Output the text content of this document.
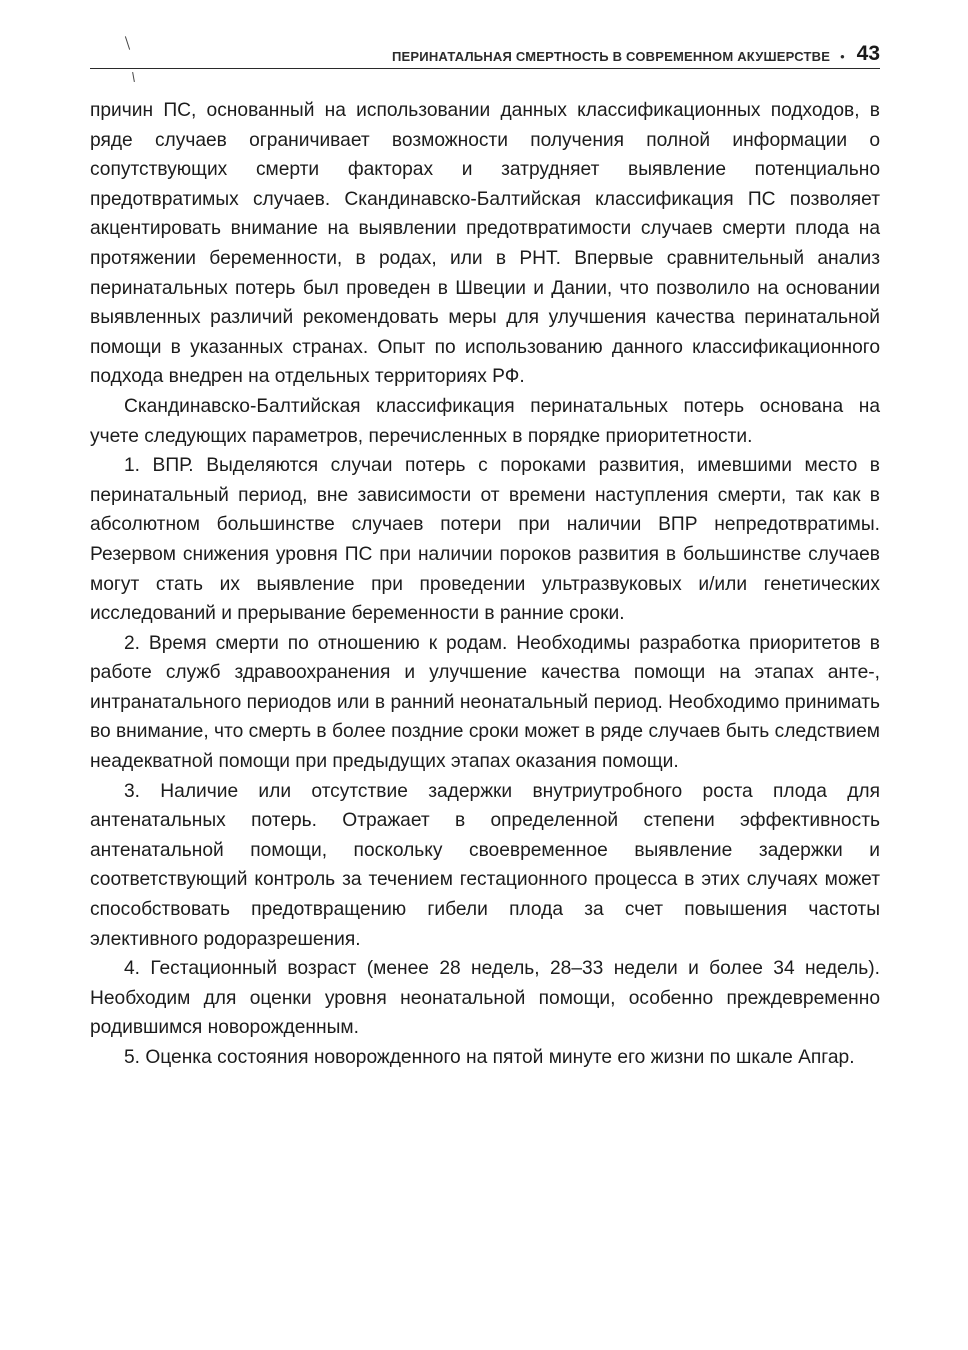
ПЕРИНАТАЛЬНАЯ СМЕРТНОСТЬ В СОВРЕМЕННОМ АКУШЕРСТВЕ • 43

причин ПС, основанный на использовании данных классификационных подходов, в ряде случаев ограничивает возможности получения полной информации о сопутствующих смерти факторах и затрудняет выявление потенциально предотвратимых случаев. Скандинавско-Балтийская классификация ПС позволяет акцентировать внимание на выявлении предотвратимости случаев смерти плода на протяжении беременности, в родах, или в РНТ. Впервые сравнительный анализ перинатальных потерь был проведен в Швеции и Дании, что позволило на основании выявленных различий рекомендовать меры для улучшения качества перинатальной помощи в указанных странах. Опыт по использованию данного классификационного подхода внедрен на отдельных территориях РФ.

Скандинавско-Балтийская классификация перинатальных потерь основана на учете следующих параметров, перечисленных в порядке приоритетности.

1. ВПР. Выделяются случаи потерь с пороками развития, имевшими место в перинатальный период, вне зависимости от времени наступления смерти, так как в абсолютном большинстве случаев потери при наличии ВПР непредотвратимы. Резервом снижения уровня ПС при наличии пороков развития в большинстве случаев могут стать их выявление при проведении ультразвуковых и/или генетических исследований и прерывание беременности в ранние сроки.

2. Время смерти по отношению к родам. Необходимы разработка приоритетов в работе служб здравоохранения и улучшение качества помощи на этапах анте-, интранатального периодов или в ранний неонатальный период. Необходимо принимать во внимание, что смерть в более поздние сроки может в ряде случаев быть следствием неадекватной помощи при предыдущих этапах оказания помощи.

3. Наличие или отсутствие задержки внутриутробного роста плода для антенатальных потерь. Отражает в определенной степени эффективность антенатальной помощи, поскольку своевременное выявление задержки и соответствующий контроль за течением гестационного процесса в этих случаях может способствовать предотвращению гибели плода за счет повышения частоты элективного родоразрешения.

4. Гестационный возраст (менее 28 недель, 28–33 недели и более 34 недель). Необходим для оценки уровня неонатальной помощи, особенно преждевременно родившимся новорожденным.

5. Оценка состояния новорожденного на пятой минуте его жизни по шкале Апгар.
